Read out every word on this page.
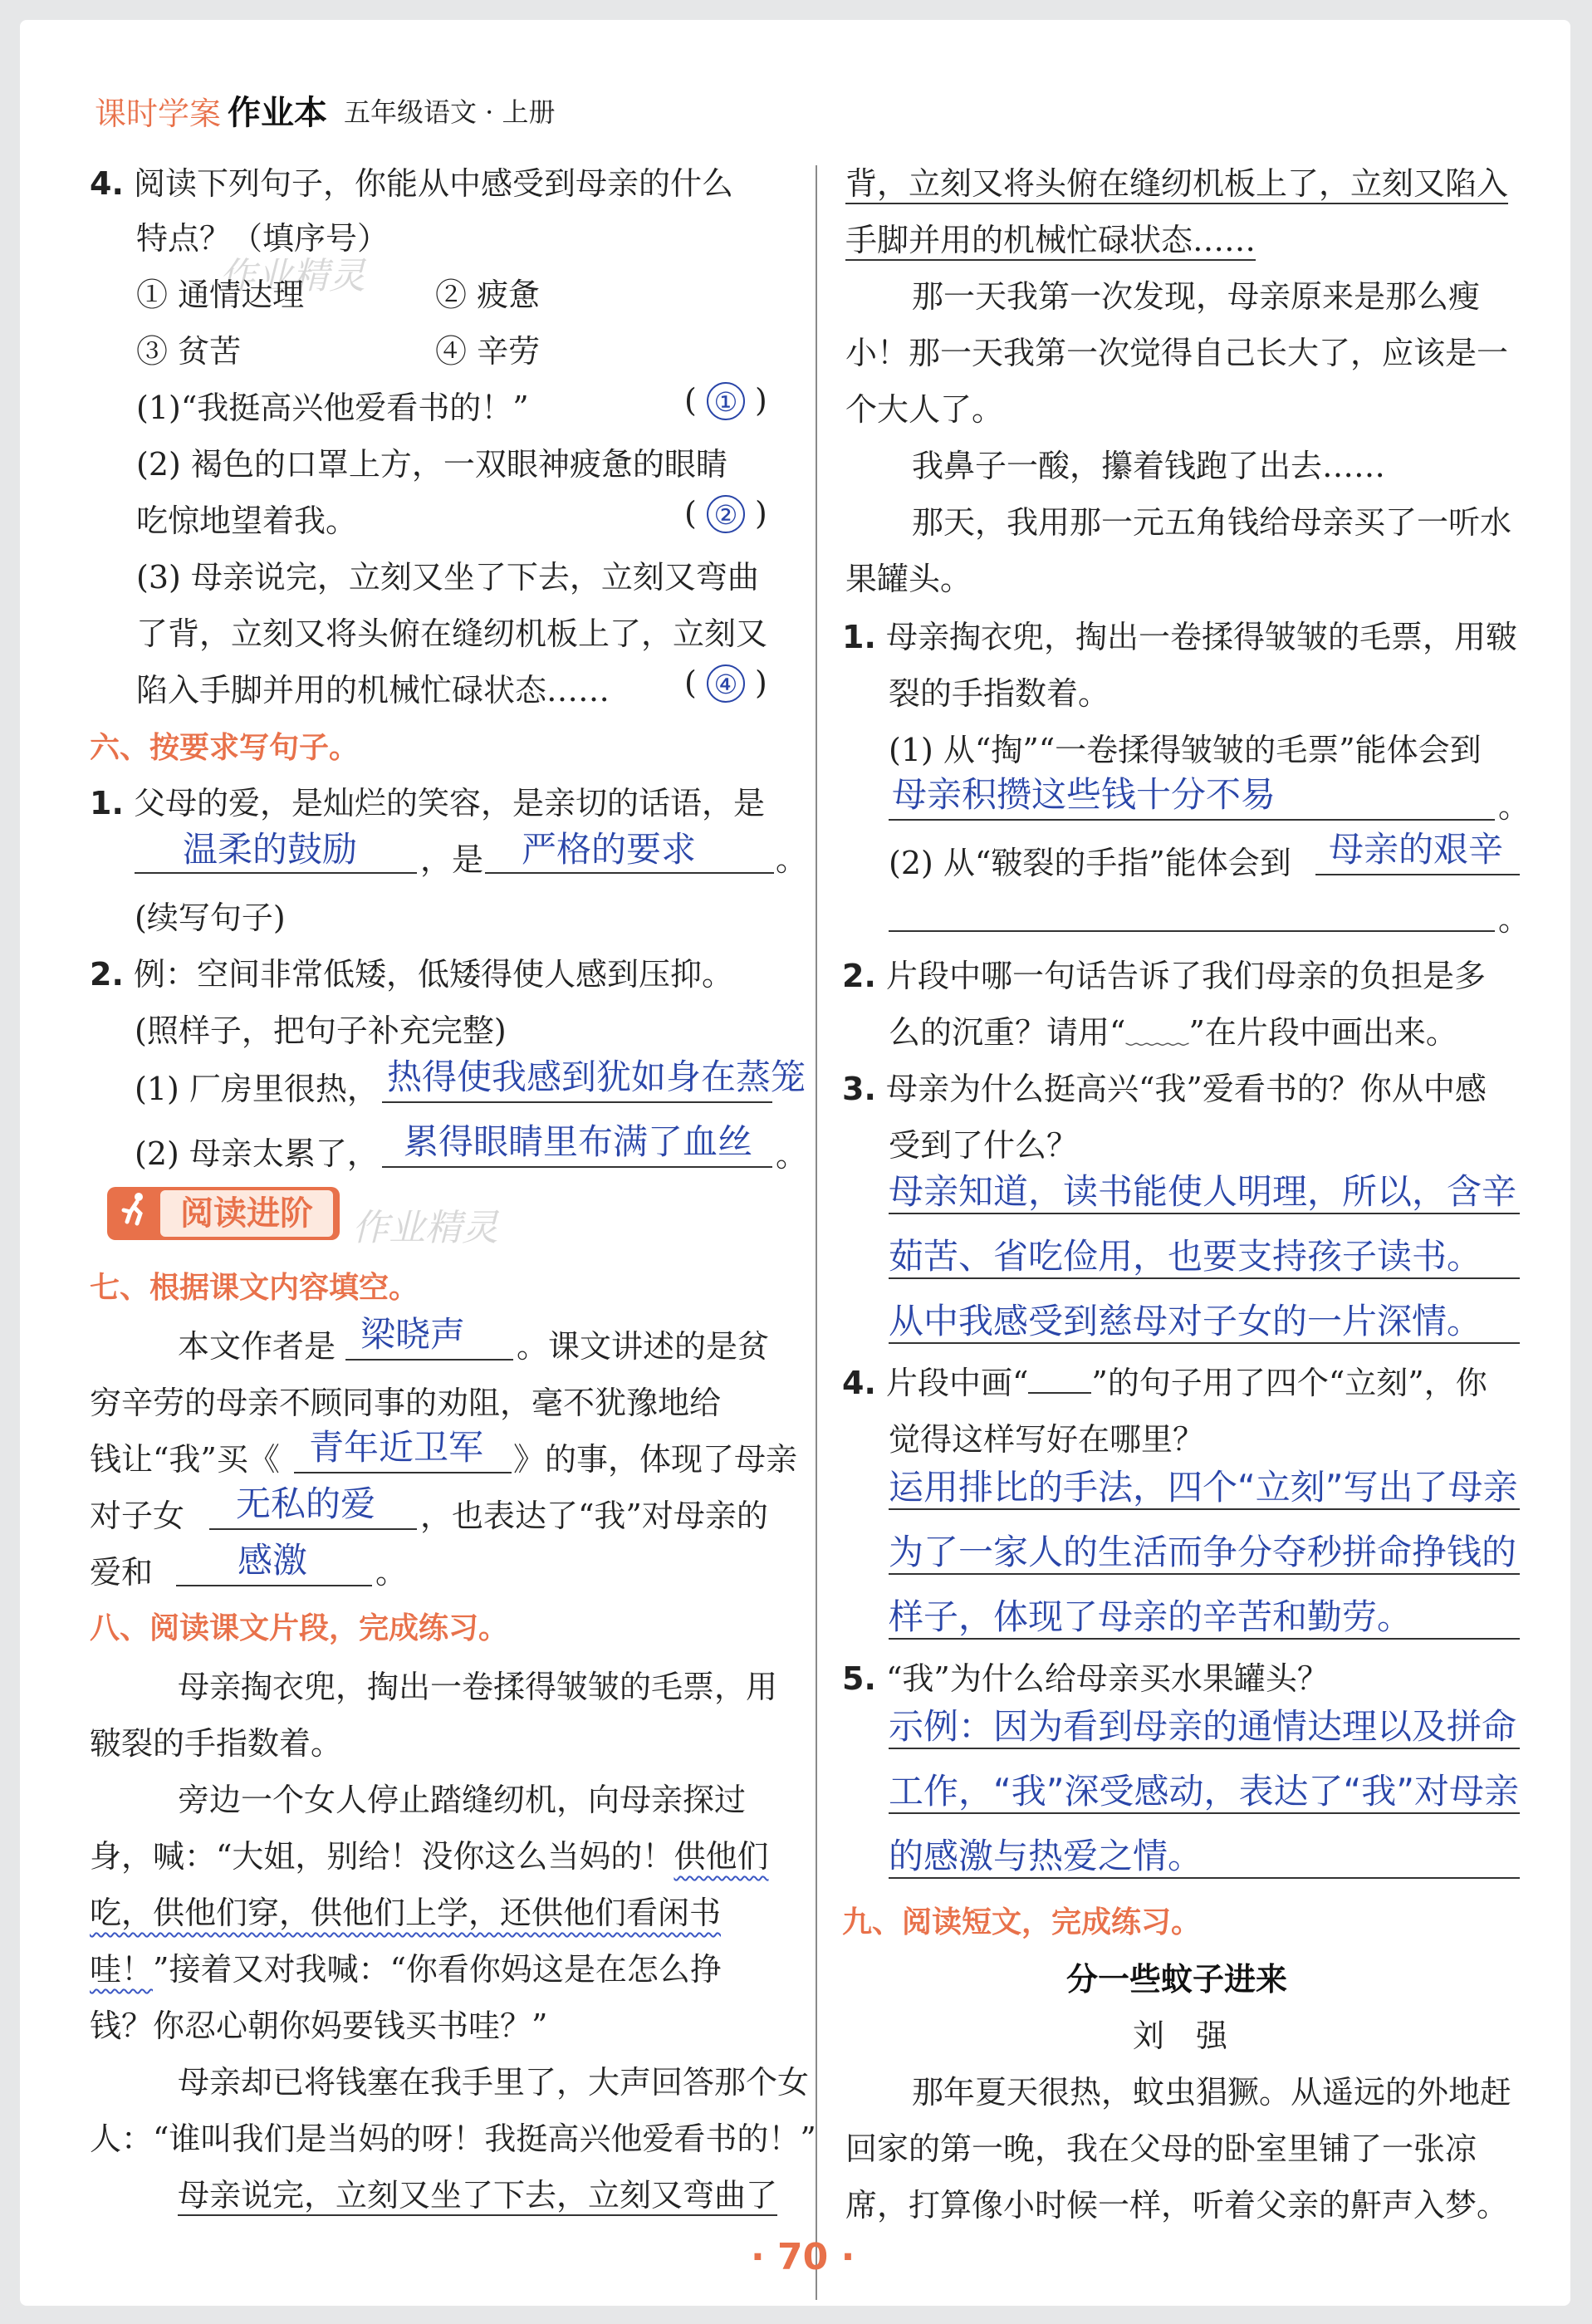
课时学案 作业本 五年级语文 · 上册
4. 阅读下列句子，你能从中感受到母亲的什么
特点？（填序号）
作业精灵
① 通情达理	② 疲惫
③ 贫苦	④ 辛劳
(1)“我挺高兴他爱看书的！”	( ① )
(2) 褐色的口罩上方，一双眼神疲惫的眼睛
吃惊地望着我。	( ② )
(3) 母亲说完，立刻又坐了下去，立刻又弯曲
了背，立刻又将头俯在缝纫机板上了，立刻又
陷入手脚并用的机械忙碌状态…… ( ④ )
六、按要求写句子。
1. 父母的爱，是灿烂的笑容，是亲切的话语，是
温柔的鼓励 ，是 严格的要求	。
(续写句子)
2. 例：空间非常低矮，低矮得使人感到压抑。
(照样子，把句子补充完整)
(1) 厂房里很热， 热得使我感到犹如身在蒸笼
(2) 母亲太累了， 累得眼睛里布满了血丝 。
阅读进阶	作业精灵
七、根据课文内容填空。
本文作者是 梁晓声 。课文讲述的是贫
穷辛劳的母亲不顾同事的劝阻，毫不犹豫地给
钱让“我”买《 青年近卫军 》的事，体现了母亲
对子女 无私的爱 ，也表达了“我”对母亲的
爱和 感激 。
八、阅读课文片段，完成练习。
母亲掏衣兜，掏出一卷揉得皱皱的毛票，用
皲裂的手指数着。
旁边一个女人停止踏缝纫机，向母亲探过
身，喊：“大姐，别给！没你这么当妈的！供他们
吃，供他们穿，供他们上学，还供他们看闲书
哇！”接着又对我喊：“你看你妈这是在怎么挣
钱？你忍心朝你妈要钱买书哇？”
母亲却已将钱塞在我手里了，大声回答那个女
人：“谁叫我们是当妈的呀！我挺高兴他爱看书的！”
母亲说完，立刻又坐了下去，立刻又弯曲了
背，立刻又将头俯在缝纫机板上了，立刻又陷入
手脚并用的机械忙碌状态……
那一天我第一次发现，母亲原来是那么瘦
小！那一天我第一次觉得自己长大了，应该是一
个大人了。
我鼻子一酸，攥着钱跑了出去……
那天，我用那一元五角钱给母亲买了一听水
果罐头。
1. 母亲掏衣兜，掏出一卷揉得皱皱的毛票，用皲
裂的手指数着。
(1) 从“掏”“一卷揉得皱皱的毛票”能体会到
母亲积攒这些钱十分不易	。
(2) 从“皲裂的手指”能体会到 母亲的艰辛
。
2. 片段中哪一句话告诉了我们母亲的负担是多
么的沉重？请用“﹏﹏”在片段中画出来。
3. 母亲为什么挺高兴“我”爱看书的？你从中感
受到了什么？
母亲知道，读书能使人明理，所以，含辛
茹苦、省吃俭用，也要支持孩子读书。
从中我感受到慈母对子女的一片深情。
4. 片段中画“ ”的句子用了四个“立刻”，你
觉得这样写好在哪里？
运用排比的手法，四个“立刻”写出了母亲
为了一家人的生活而争分夺秒拼命挣钱的
样子，体现了母亲的辛苦和勤劳。
5. “我”为什么给母亲买水果罐头？
示例：因为看到母亲的通情达理以及拼命
工作，“我”深受感动，表达了“我”对母亲
的感激与热爱之情。
九、阅读短文，完成练习。
分一些蚊子进来
刘　强
那年夏天很热，蚊虫猖獗。从遥远的外地赶
回家的第一晚，我在父母的卧室里铺了一张凉
席，打算像小时候一样，听着父亲的鼾声入梦。
· 70 ·
